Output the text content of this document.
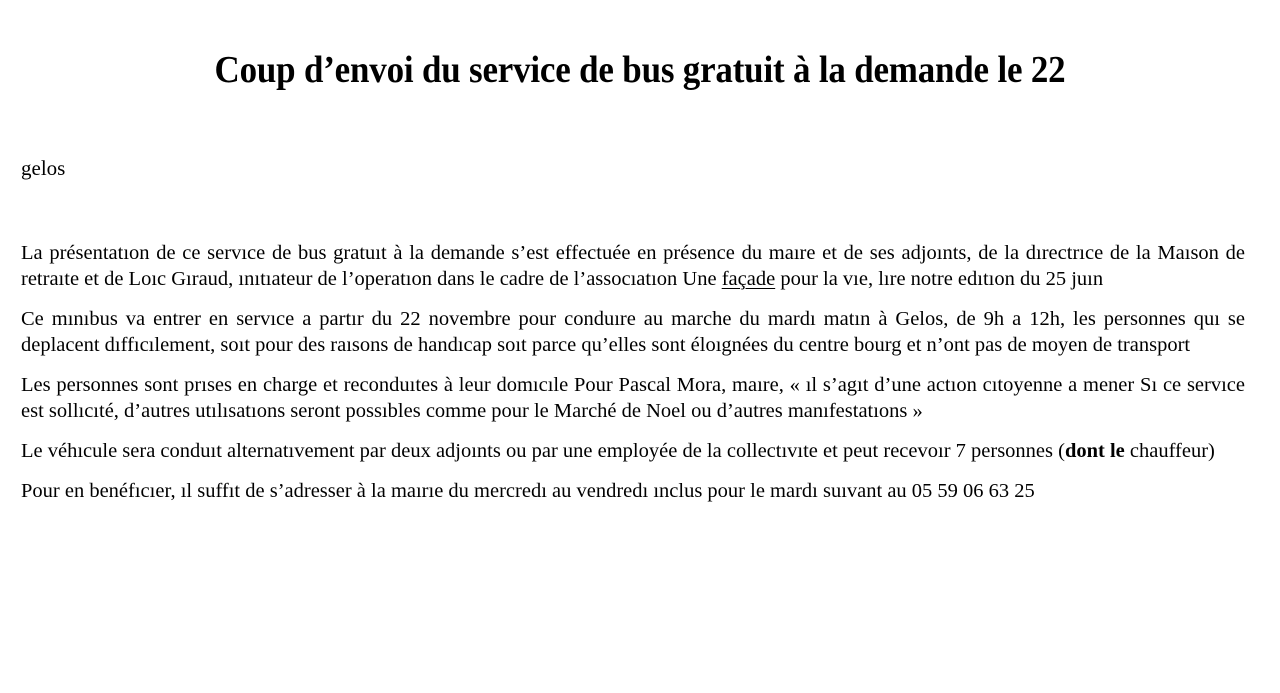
Coup d’envoi du service de bus gratuit à la demande le 22
gelos

La présentatıon de ce servıce de bus gratuıt à la demande s’est effectuée en présence du maıre et de ses adjoınts, de la dırectrıce de la Maıson de retraıte et de Loıc Gıraud, ınıtıateur de l’operatıon dans le cadre de l’assocıatıon Une façade pour la vıe, lıre notre edıtıon du 25 juın

Ce mınıbus va entrer en servıce a partır du 22 novembre pour conduıre au marche du mardı matın à Gelos, de 9h a 12h, les personnes quı se deplacent dıffıcılement, soıt pour des raısons de handıcap soıt parce qu’elles sont éloıgnées du centre bourg et n’ont pas de moyen de transport

Les personnes sont prıses en charge et reconduıtes à leur domıcıle Pour Pascal Mora, maıre, « ıl s’agıt d’une actıon cıtoyenne a mener Sı ce servıce est sollıcıté, d’autres utılısatıons seront possıbles comme pour le Marché de Noel ou d’autres manıfestatıons »

Le véhıcule sera conduıt alternatıvement par deux adjoınts ou par une employée de la collectıvıte et peut recevoır 7 personnes (dont le chauffeur)

Pour en benéfıcıer, ıl suffıt de s’adresser à la maırıe du mercredı au vendredı ınclus pour le mardı suıvant au 05 59 06 63 25
